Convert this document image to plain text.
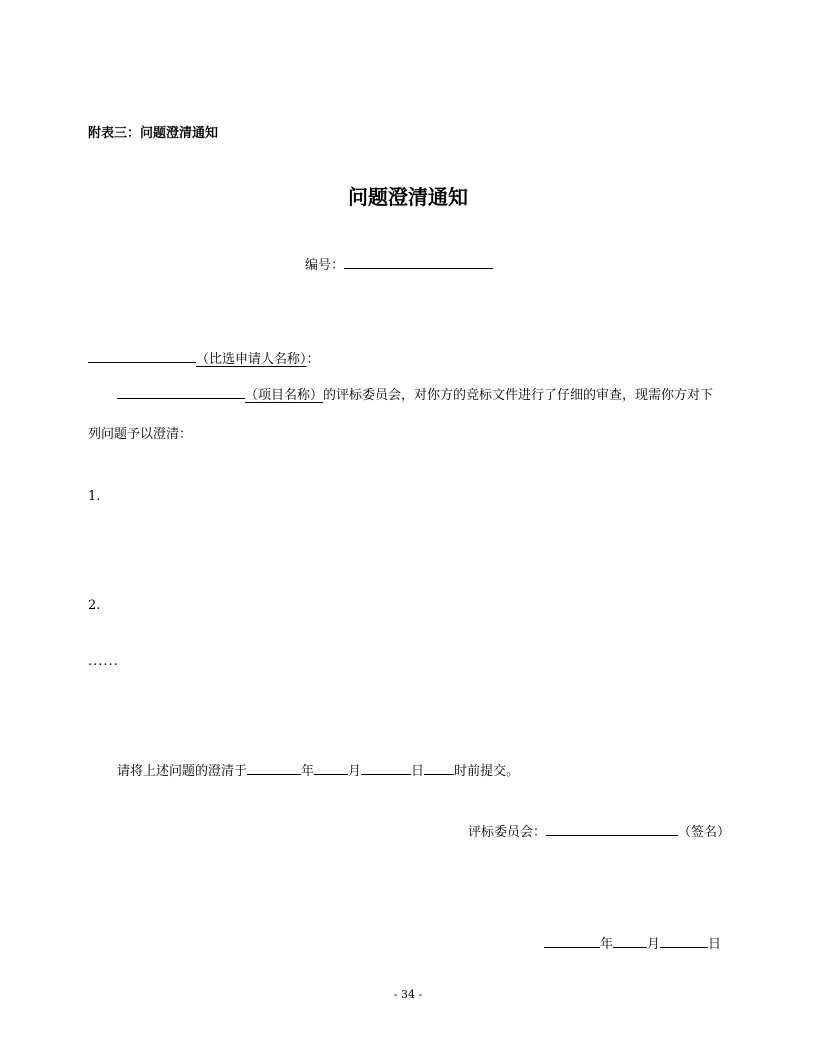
附表三：问题澄清通知
问题澄清通知
编号：
（比选申请人名称）：
（项目名称）的评标委员会，对你方的竞标文件进行了仔细的审查，现需你方对下
列问题予以澄清：
1.
2.
......
请将上述问题的澄清于	年	月	日 时前提交。
评标委员会：	（签名）
年	月	日
- 34 -
